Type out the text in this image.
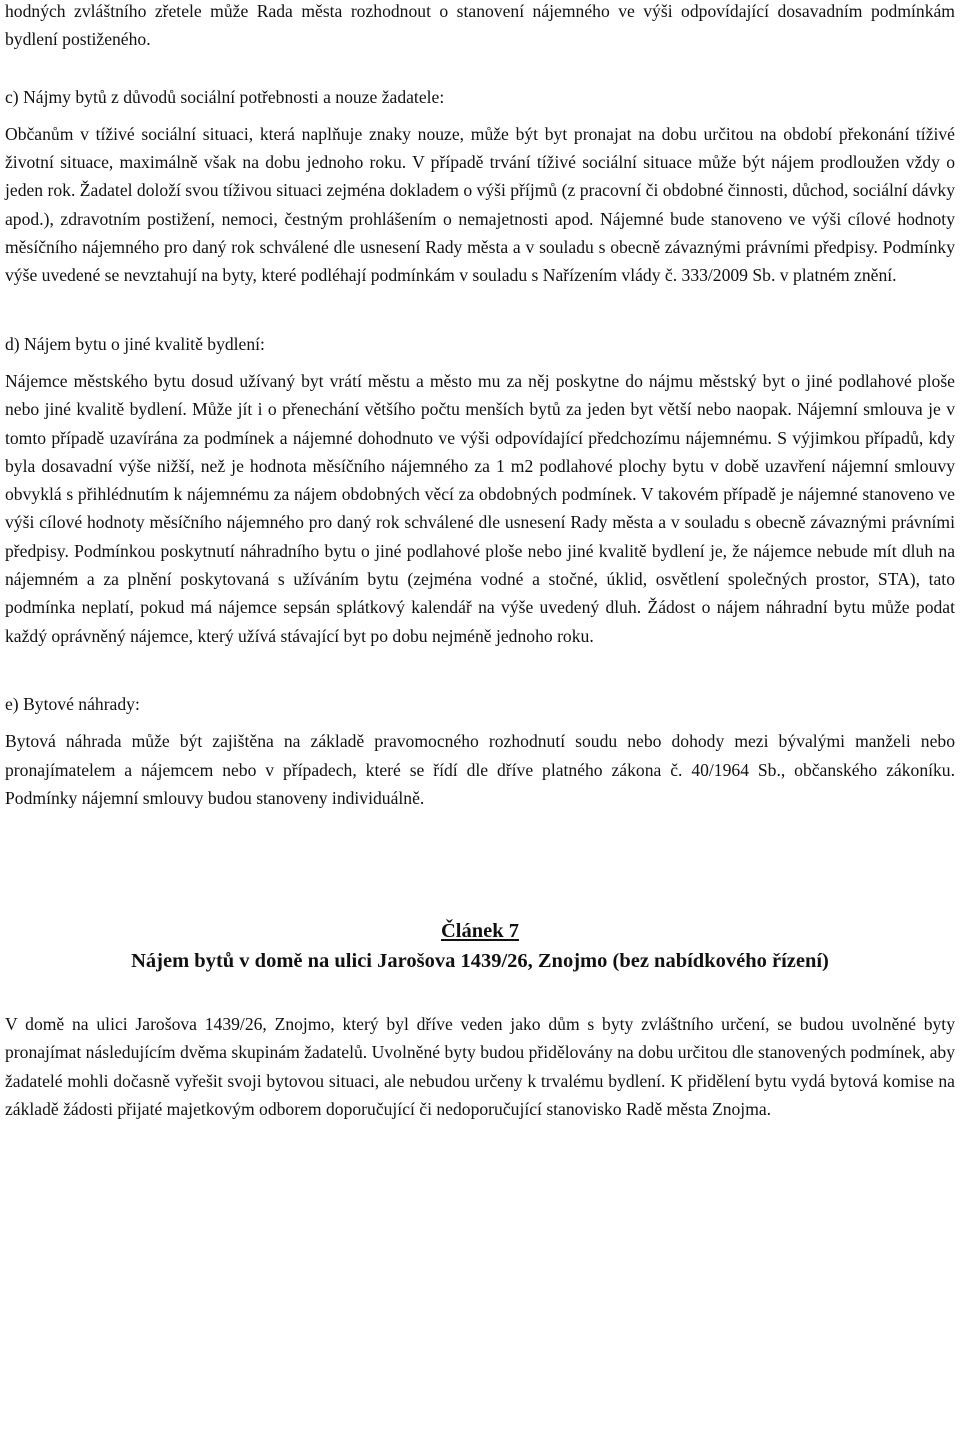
hodných zvláštního zřetele může Rada města rozhodnout o stanovení nájemného ve výši odpovídající dosavadním podmínkám bydlení postiženého.

c) Nájmy bytů z důvodů sociální potřebnosti a nouze žadatele:

Občanům v tíživé sociální situaci, která naplňuje znaky nouze, může být byt pronajat na dobu určitou na období překonání tíživé životní situace, maximálně však na dobu jednoho roku. V případě trvání tíživé sociální situace může být nájem prodloužen vždy o jeden rok. Žadatel doloží svou tíživou situaci zejména dokladem o výši příjmů (z pracovní či obdobné činnosti, důchod, sociální dávky apod.), zdravotním postižení, nemoci, čestným prohlášením o nemajetnosti apod. Nájemné bude stanoveno ve výši cílové hodnoty měsíčního nájemného pro daný rok schválené dle usnesení Rady města a v souladu s obecně závaznými právními předpisy. Podmínky výše uvedené se nevztahují na byty, které podléhají podmínkám v souladu s Nařízením vlády č. 333/2009 Sb. v platném znění.

d) Nájem bytu o jiné kvalitě bydlení:

Nájemce městského bytu dosud užívaný byt vrátí městu a město mu za něj poskytne do nájmu městský byt o jiné podlahové ploše nebo jiné kvalitě bydlení. Může jít i o přenechání většího počtu menších bytů za jeden byt větší nebo naopak. Nájemní smlouva je v tomto případě uzavírána za podmínek a nájemné dohodnuto ve výši odpovídající předchozímu nájemnému. S výjimkou případů, kdy byla dosavadní výše nižší, než je hodnota měsíčního nájemného za 1 m2 podlahové plochy bytu v době uzavření nájemní smlouvy obvyklá s přihlédnutím k nájemnému za nájem obdobných věcí za obdobných podmínek. V takovém případě je nájemné stanoveno ve výši cílové hodnoty měsíčního nájemného pro daný rok schválené dle usnesení Rady města a v souladu s obecně závaznými právními předpisy. Podmínkou poskytnutí náhradního bytu o jiné podlahové ploše nebo jiné kvalitě bydlení je, že nájemce nebude mít dluh na nájemném a za plnění poskytovaná s užíváním bytu (zejména vodné a stočné, úklid, osvětlení společných prostor, STA), tato podmínka neplatí, pokud má nájemce sepsán splátkový kalendář na výše uvedený dluh. Žádost o nájem náhradní bytu může podat každý oprávněný nájemce, který užívá stávající byt po dobu nejméně jednoho roku.

e) Bytové náhrady:

Bytová náhrada může být zajištěna na základě pravomocného rozhodnutí soudu nebo dohody mezi bývalými manželi nebo pronajímatelem a nájemcem nebo v případech, které se řídí dle dříve platného zákona č. 40/1964 Sb., občanského zákoníku. Podmínky nájemní smlouvy budou stanoveny individuálně.

Článek 7

Nájem bytů v domě na ulici Jarošova 1439/26, Znojmo (bez nabídkového řízení)

V domě na ulici Jarošova 1439/26, Znojmo, který byl dříve veden jako dům s byty zvláštního určení, se budou uvolněné byty pronajímat následujícím dvěma skupinám žadatelů. Uvolněné byty budou přidělovány na dobu určitou dle stanovených podmínek, aby žadatelé mohli dočasně vyřešit svoji bytovou situaci, ale nebudou určeny k trvalému bydlení. K přidělení bytu vydá bytová komise na základě žádosti přijaté majetkovým odborem doporučující či nedoporučující stanovisko Radě města Znojma.
